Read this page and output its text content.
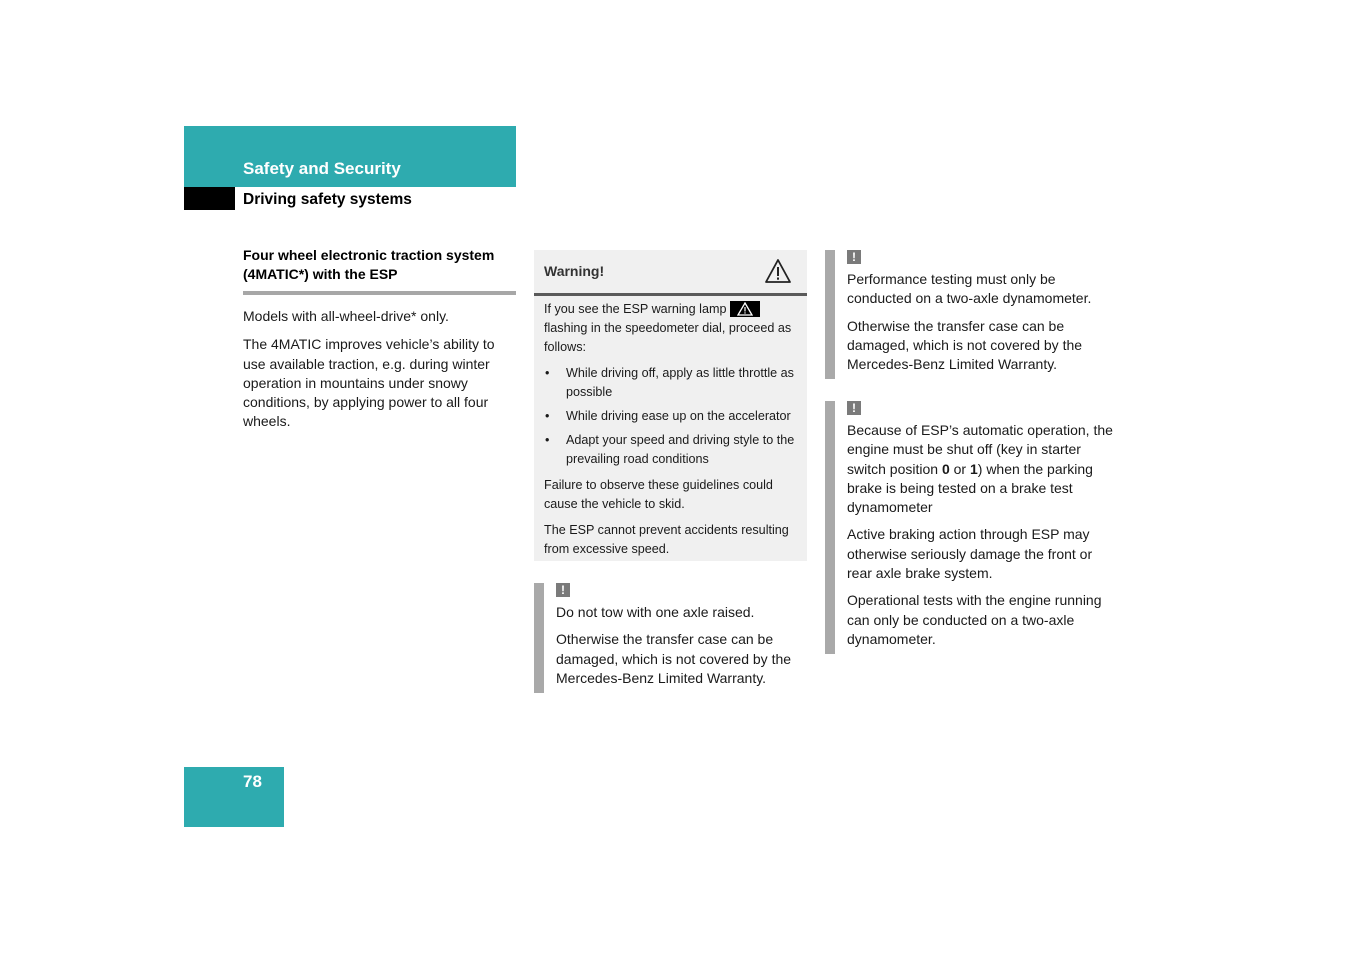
Safety and Security
Driving safety systems
Four wheel electronic traction system
(4MATIC*) with the ESP

Models with all-wheel-drive* only.

The 4MATIC improves vehicle’s ability to use available traction, e.g. during winter operation in mountains under snowy conditions, by applying power to all four wheels.

Warning!

If you see the ESP warning lamp
flashing in the speedometer dial, proceed as follows:

• While driving off, apply as little throttle as possible
• While driving ease up on the accelerator
• Adapt your speed and driving style to the prevailing road conditions

Failure to observe these guidelines could cause the vehicle to skid.

The ESP cannot prevent accidents resulting from excessive speed.

!

Do not tow with one axle raised.

Otherwise the transfer case can be damaged, which is not covered by the Mercedes-Benz Limited Warranty.

!

Performance testing must only be conducted on a two-axle dynamometer.

Otherwise the transfer case can be damaged, which is not covered by the Mercedes-Benz Limited Warranty.

!

Because of ESP’s automatic operation, the engine must be shut off (key in starter switch position 0 or 1) when the parking brake is being tested on a brake test dynamometer

Active braking action through ESP may otherwise seriously damage the front or rear axle brake system.

Operational tests with the engine running can only be conducted on a two-axle dynamometer.

78
